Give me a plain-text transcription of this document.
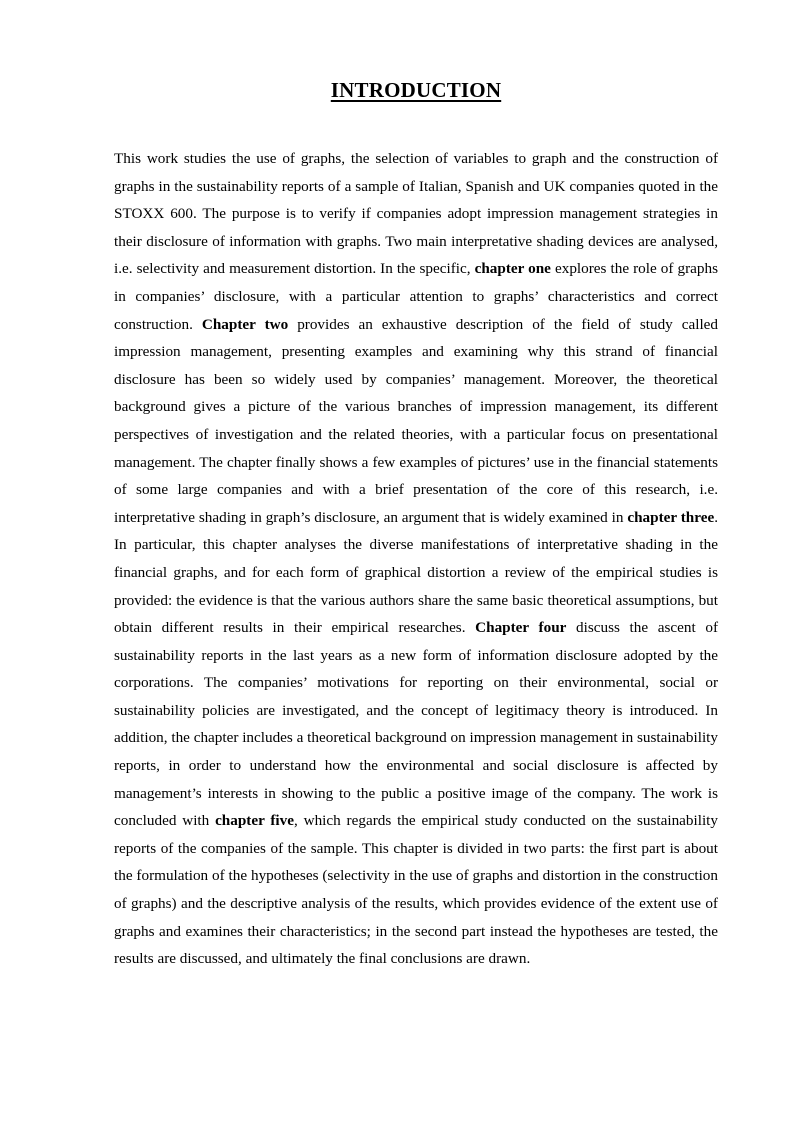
INTRODUCTION

This work studies the use of graphs, the selection of variables to graph and the construction of graphs in the sustainability reports of a sample of Italian, Spanish and UK companies quoted in the STOXX 600. The purpose is to verify if companies adopt impression management strategies in their disclosure of information with graphs. Two main interpretative shading devices are analysed, i.e. selectivity and measurement distortion. In the specific, chapter one explores the role of graphs in companies’ disclosure, with a particular attention to graphs’ characteristics and correct construction. Chapter two provides an exhaustive description of the field of study called impression management, presenting examples and examining why this strand of financial disclosure has been so widely used by companies’ management. Moreover, the theoretical background gives a picture of the various branches of impression management, its different perspectives of investigation and the related theories, with a particular focus on presentational management. The chapter finally shows a few examples of pictures’ use in the financial statements of some large companies and with a brief presentation of the core of this research, i.e. interpretative shading in graph’s disclosure, an argument that is widely examined in chapter three. In particular, this chapter analyses the diverse manifestations of interpretative shading in the financial graphs, and for each form of graphical distortion a review of the empirical studies is provided: the evidence is that the various authors share the same basic theoretical assumptions, but obtain different results in their empirical researches. Chapter four discuss the ascent of sustainability reports in the last years as a new form of information disclosure adopted by the corporations. The companies’ motivations for reporting on their environmental, social or sustainability policies are investigated, and the concept of legitimacy theory is introduced. In addition, the chapter includes a theoretical background on impression management in sustainability reports, in order to understand how the environmental and social disclosure is affected by management’s interests in showing to the public a positive image of the company. The work is concluded with chapter five, which regards the empirical study conducted on the sustainability reports of the companies of the sample. This chapter is divided in two parts: the first part is about the formulation of the hypotheses (selectivity in the use of graphs and distortion in the construction of graphs) and the descriptive analysis of the results, which provides evidence of the extent use of graphs and examines their characteristics; in the second part instead the hypotheses are tested, the results are discussed, and ultimately the final conclusions are drawn.
